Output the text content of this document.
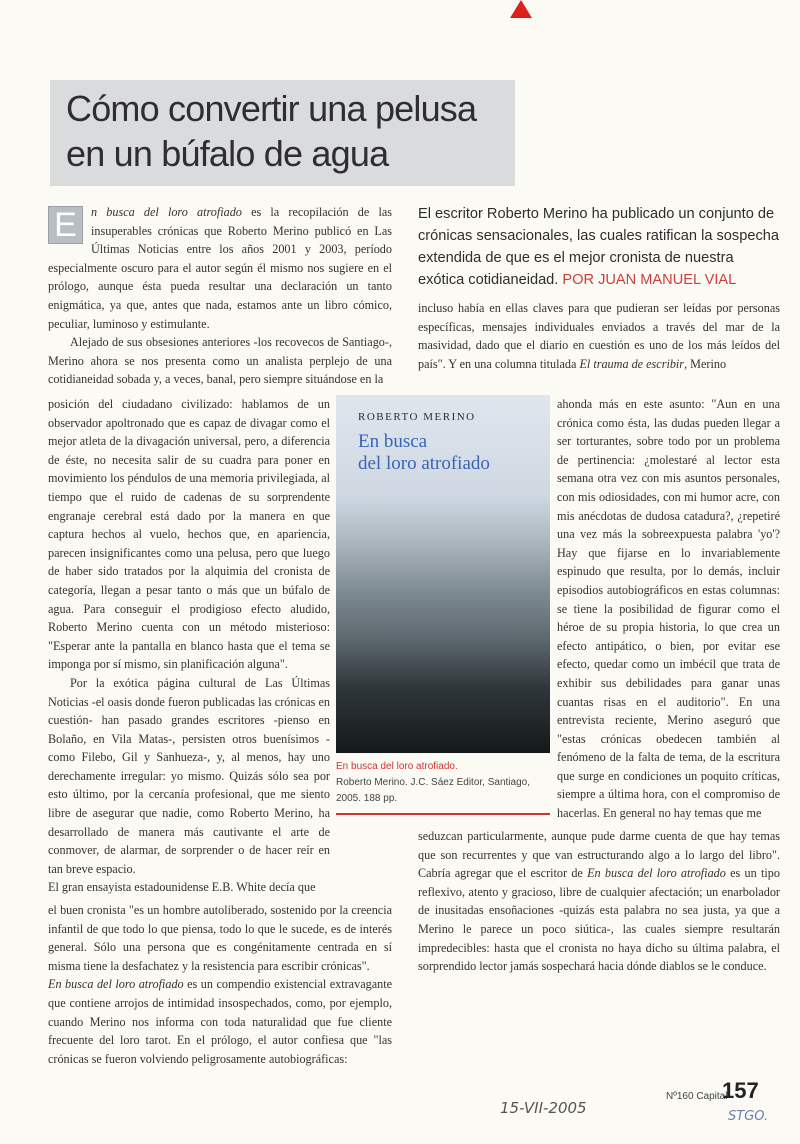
Cómo convertir una pelusa
en un búfalo de agua
El escritor Roberto Merino ha publicado un conjunto de crónicas sensacionales, las cuales ratifican la sospecha extendida de que es el mejor cronista de nuestra exótica cotidianeidad. POR JUAN MANUEL VIAL

E	n busca del loro atrofiado es la recopilación de las insuperables crónicas que Roberto Merino publicó en Las Últimas Noticias entre los años 2001 y 2003, período especialmente oscuro para el autor según él mismo nos sugiere en el prólogo, aunque ésta pueda resultar una declaración un tanto enigmática, ya que, antes que nada, estamos ante un libro cómico, peculiar, luminoso y estimulante.

Alejado de sus obsesiones anteriores -los recovecos de Santiago-, Merino ahora se nos presenta como un analista perplejo de una cotidianeidad sobada y, a veces, banal, pero siempre situándose en la

posición del ciudadano civilizado: hablamos de un observador apoltronado que es capaz de divagar como el mejor atleta de la divagación universal, pero, a diferencia de éste, no necesita salir de su cuadra para poner en movimiento los péndulos de una memoria privilegiada, al tiempo que el ruido de cadenas de su sorprendente engranaje cerebral está dado por la manera en que captura hechos al vuelo, hechos que, en apariencia, parecen insignificantes como una pelusa, pero que luego de haber sido tratados por la alquimia del cronista de categoría, llegan a pesar tanto o más que un búfalo de agua. Para conseguir el prodigioso efecto aludido, Roberto Merino cuenta con un método misterioso: "Esperar ante la pantalla en blanco hasta que el tema se imponga por sí mismo, sin planificación alguna".

Por la exótica página cultural de Las Últimas Noticias -el oasis donde fueron publicadas las crónicas en cuestión- han pasado grandes escritores -pienso en Bolaño, en Vila Matas-, persisten otros buenísimos -como Filebo, Gil y Sanhueza-, y, al menos, hay uno derechamente irregular: yo mismo. Quizás sólo sea por esto último, por la cercanía profesional, que me siento libre de asegurar que nadie, como Roberto Merino, ha desarrollado de manera más cautivante el arte de conmover, de alarmar, de sorprender o de hacer reír en tan breve espacio.

El gran ensayista estadounidense E.B. White decía que

el buen cronista "es un hombre autoliberado, sostenido por la creencia infantil de que todo lo que piensa, todo lo que le sucede, es de interés general. Sólo una persona que es congénitamente centrada en sí misma tiene la desfachatez y la resistencia para escribir crónicas".

En busca del loro atrofiado es un compendio existencial extravagante que contiene arrojos de intimidad insospechados, como, por ejemplo, cuando Merino nos informa con toda naturalidad que fue cliente frecuente del loro tarot. En el prólogo, el autor confiesa que "las crónicas se fueron volviendo peligrosamente autobiográficas:

incluso había en ellas claves para que pudieran ser leídas por personas específicas, mensajes individuales enviados a través del mar de la masividad, dado que el diario en cuestión es uno de los más leídos del país". Y en una columna titulada El trauma de escribir, Merino

ahonda más en este asunto: "Aun en una crónica como ésta, las dudas pueden llegar a ser torturantes, sobre todo por un problema de pertinencia: ¿molestaré al lector esta semana otra vez con mis asuntos personales, con mis odiosidades, con mi humor acre, con mis anécdotas de dudosa catadura?, ¿repetiré una vez más la sobreexpuesta palabra 'yo'? Hay que fijarse en lo invariablemente espinudo que resulta, por lo demás, incluir episodios autobiográficos en estas columnas: se tiene la posibilidad de figurar como el héroe de su propia historia, lo que crea un efecto antipático, o bien, por evitar ese efecto, quedar como un imbécil que trata de exhibir sus debilidades para ganar unas cuantas risas en el auditorio". En una entrevista reciente, Merino aseguró que "estas crónicas obedecen también al fenómeno de la falta de tema, de la escritura que surge en condiciones un poquito críticas, siempre a última hora, con el compromiso de hacerlas. En general no hay temas que me

seduzcan particularmente, aunque pude darme cuenta de que hay temas que son recurrentes y que van estructurando algo a lo largo del libro". Cabría agregar que el escritor de En busca del loro atrofiado es un tipo reflexivo, atento y gracioso, libre de cualquier afectación; un enarbolador de inusitadas ensoñaciones -quizás esta palabra no sea justa, ya que a Merino le parece un poco siútica-, las cuales siempre resultarán impredecibles: hasta que el cronista no haya dicho su última palabra, el sorprendido lector jamás sospechará hacia dónde diablos se le conduce.

ROBERTO MERINO
En busca
del loro atrofiado
En busca del loro atrofiado.
Roberto Merino. J.C. Sáez Editor, Santiago, 2005. 188 pp.
15-VII-2005
Nº160 Capital
157
STGO.
